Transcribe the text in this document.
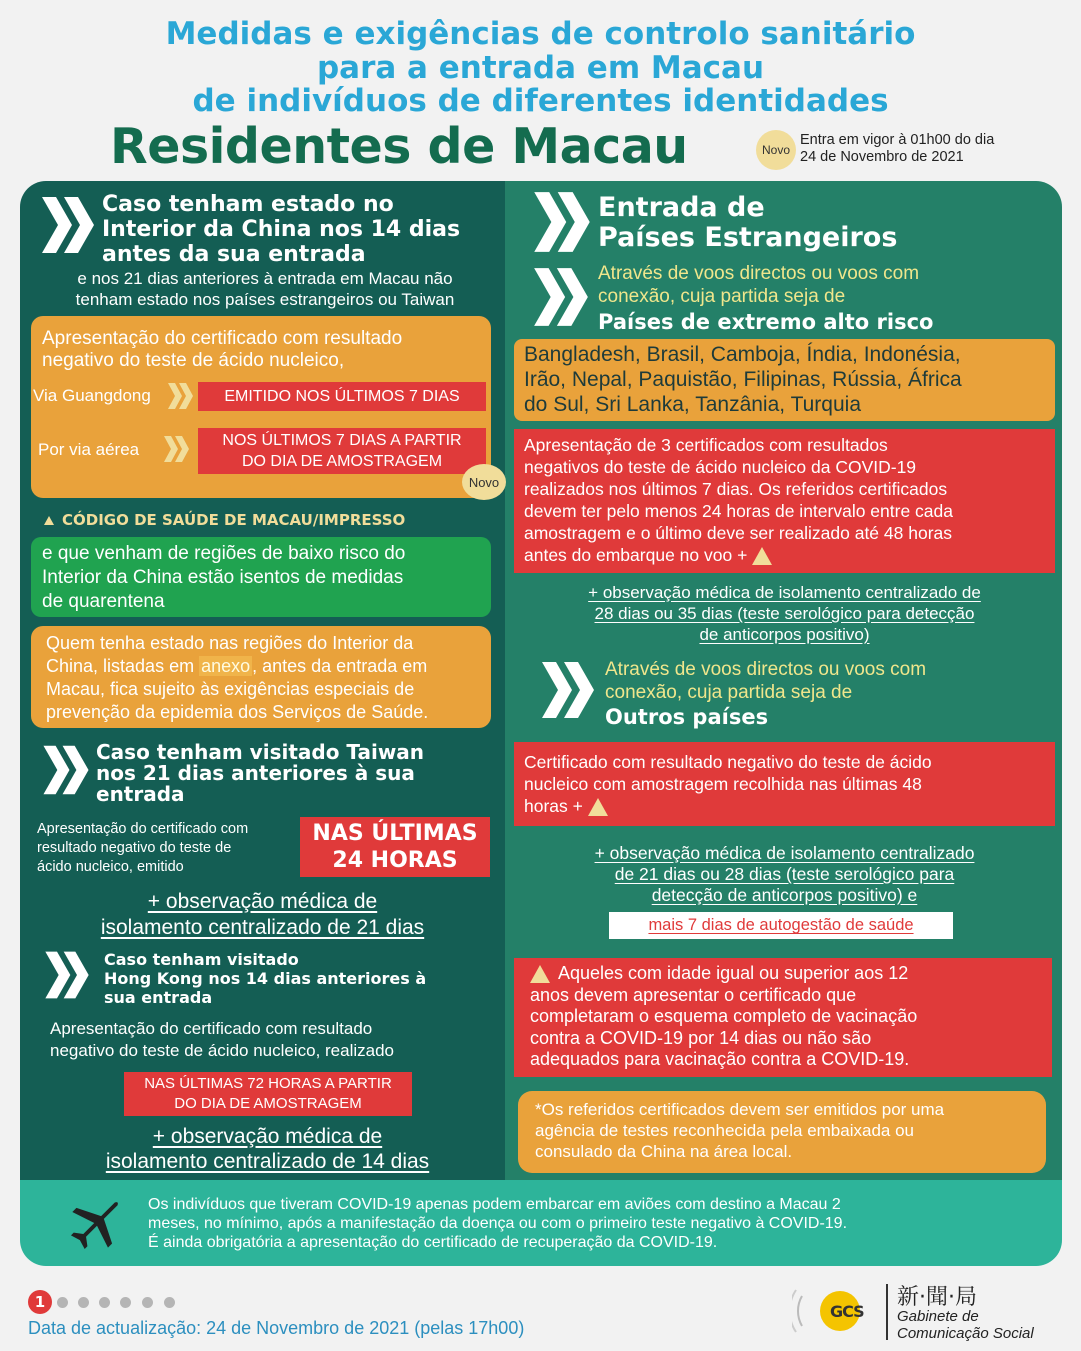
Medidas e exigências de controlo sanitário
para a entrada em Macau
de indivíduos de diferentes identidades
Residentes de Macau	Novo
Entra em vigor à 01h00 do dia
24 de Novembro de 2021
Caso tenham estado no
Interior da China nos 14 dias
antes da sua entrada
e nos 21 dias anteriores à entrada em Macau não
tenham estado nos países estrangeiros ou Taiwan
Apresentação do certificado com resultado
negativo do teste de ácido nucleico,
Via Guangdong	EMITIDO NOS ÚLTIMOS 7 DIAS
Por via aérea	NOS ÚLTIMOS 7 DIAS A PARTIR
DO DIA DE AMOSTRAGEM
Novo
CÓDIGO DE SAÚDE DE MACAU/IMPRESSO
e que venham de regiões de baixo risco do
Interior da China estão isentos de medidas
de quarentena
Quem tenha estado nas regiões do Interior da
China, listadas em anexo , antes da entrada em
Macau, fica sujeito às exigências especiais de
prevenção da epidemia dos Serviços de Saúde.
Caso tenham visitado Taiwan
nos 21 dias anteriores à sua
entrada
Apresentação do certificado com
resultado negativo do teste de
ácido nucleico, emitido
NAS ÚLTIMAS
24 HORAS
+ observação médica de
isolamento centralizado de 21 dias
Caso tenham visitado
Hong Kong nos 14 dias anteriores à
sua entrada
Apresentação do certificado com resultado
negativo do teste de ácido nucleico, realizado
NAS ÚLTIMAS 72 HORAS A PARTIR
DO DIA DE AMOSTRAGEM
+ observação médica de
isolamento centralizado de 14 dias
Entrada de
Países Estrangeiros
Através de voos directos ou voos com
conexão, cuja partida seja de
Países de extremo alto risco
Bangladesh, Brasil, Camboja, Índia, Indonésia,
Irão, Nepal, Paquistão, Filipinas, Rússia, África
do Sul, Sri Lanka, Tanzânia, Turquia
Apresentação de 3 certificados com resultados
negativos do teste de ácido nucleico da COVID-19
realizados nos últimos 7 dias. Os referidos certificados
devem ter pelo menos 24 horas de intervalo entre cada
amostragem e o último deve ser realizado até 48 horas
antes do embarque no voo +
+ observação médica de isolamento centralizado de
28 dias ou 35 dias (teste serológico para detecção
de anticorpos positivo)
Através de voos directos ou voos com
conexão, cuja partida seja de
Outros países
Certificado com resultado negativo do teste de ácido
nucleico com amostragem recolhida nas últimas 48
horas +
+ observação médica de isolamento centralizado
de 21 dias ou 28 dias (teste serológico para
detecção de anticorpos positivo) e
mais 7 dias de autogestão de saúde
Aqueles com idade igual ou superior aos 12
anos devem apresentar o certificado que
completaram o esquema completo de vacinação
contra a COVID-19 por 14 dias ou não são
adequados para vacinação contra a COVID-19.
*Os referidos certificados devem ser emitidos por uma
agência de testes reconhecida pela embaixada ou
consulado da China na área local.
Os indivíduos que tiveram COVID-19 apenas podem embarcar em aviões com destino a Macau 2
meses, no mínimo, após a manifestação da doença ou com o primeiro teste negativo à COVID-19.
É ainda obrigatória a apresentação do certificado de recuperação da COVID-19.
1
Data de actualização: 24 de Novembro de 2021 (pelas 17h00)
GCS
新·聞·局
Gabinete de
Comunicação Social
